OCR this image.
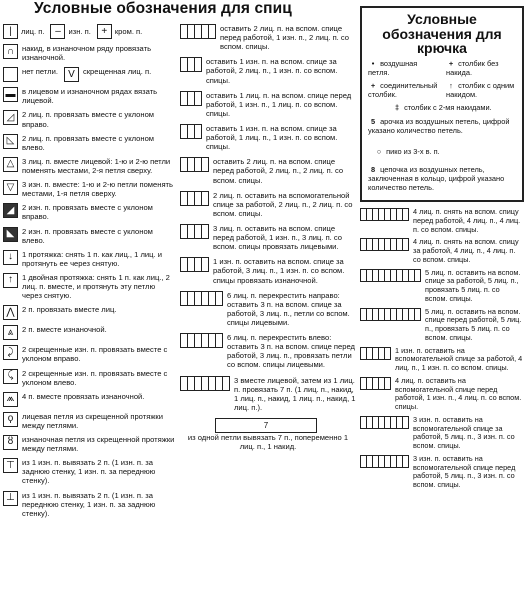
Условные обозначения для спиц
|	лиц. п.	–	изн. п.	+ кром. п.
∩	накид, в изнаночном ряду провязать изнаночной.
нет петли.	V	скрещенная лиц. п.
▬ в лицевом и изнаночном рядах вязать лицевой.
◿	2 лиц. п. провязать вместе с уклоном вправо.
◺	2 лиц. п. провязать вместе с уклоном влево.
△	3 лиц. п. вместе лицевой: 1-ю и 2-ю петли поменять местами, 2-я петля сверху.
▽	3 изн. п. вместе: 1-ю и 2-ю петли поменять местами, 1-я петля сверху.
◢	2 изн. п. провязать вместе с уклоном вправо.
◣	2 изн. п. провязать вместе с уклоном влево.
↓	1 протяжка: снять 1 п. как лиц., 1 лиц. и протянуть ее через снятую.
↑	1 двойная протяжка: снять 1 п. как лиц., 2 лиц. п. вместе, и протянуть эту петлю через снятую.
⋀ 2 п. провязать вместе лиц.
⩓	2 п. вместе изнаночной.
⤸	2 скрещенные изн. п. провязать вместе с уклоном вправо.
⤹	2 скрещенные изн. п. провязать вместе с уклоном влево.
⩕ 4 п. вместе провязать изнаночной.
ϙ	лицевая петля из скрещенной протяжки между петлями.
ȣ	изнаночная петля из скрещенной протяжки между петлями.
⊤ из 1 изн. п. вывязать 2 п. (1 изн. п. за заднюю стенку, 1 изн. п. за переднюю стенку).
⊥ из 1 изн. п. вывязать 2 п. (1 изн. п. за переднюю стенку, 1 изн. п. за заднюю стенку).
оставить 2 лиц. п. на вспом. спице перед работой, 1 изн. п., 2 лиц. п. со вспом. спицы.
оставить 1 изн. п. на вспом. спице за работой, 2 лиц. п., 1 изн. п. со вспом. спицы.
оставить 1 лиц. п. на вспом. спице перед работой, 1 изн. п., 1 лиц. п. со вспом. спицы.
оставить 1 изн. п. на вспом. спице за работой, 1 лиц. п., 1 изн. п. со вспом. спицы.
оставить 2 лиц. п. на вспом. спице перед работой, 2 лиц. п., 2 лиц. п. со вспом. спицы.
2 лиц. п. оставить на вспомогательной спице за работой, 2 лиц. п., 2 лиц. п. со вспом. спицы.
3 лиц. п. оставить на вспом. спице перед работой, 1 изн. п., 3 лиц. п. со вспом. спицы провязать лицевыми.
1 изн. п. оставить на вспом. спице за работой, 3 лиц. п., 1 изн. п. со вспом. спицы провязать изнаночной.
6 лиц. п. перекрестить направо: оставить 3 п. на вспом. спице за работой, 3 лиц. п., петли со вспом. спицы лицевыми.
6 лиц. п. перекрестить влево: оставить 3 п. на вспом. спице перед работой, 3 лиц. п., провязать петли со вспом. спицы лицевыми.
3 вместе лицевой, затем из 1 лиц. п. провязать 7 п. (1 лиц. п., накид, 1 лиц. п., накид, 1 лиц. п., накид, 1 лиц. п.).
7
из одной петли вывязать 7 п., попеременно 1 лиц. п., 1 накид.
Условные обозначения для крючка
• воздушная петля.
+ столбик без накида.
+ соединительный столбик.
↑ столбик с одним накидом.
‡ столбик с 2-мя накидами.
5 арочка из воздушных петель, цифрой указано количество петель.
○ пико из 3-х в. п.
8 цепочка из воздушных петель, заключенная в кольцо, цифрой указано количество петель.
4 лиц. п. снять на вспом. спицу перед работой, 4 лиц. п., 4 лиц. п. со вспом. спицы.
4 лиц. п. снять на вспом. спицу за работой, 4 лиц. п., 4 лиц. п. со вспом. спицы.
5 лиц. п. оставить на вспом. спице за работой, 5 лиц. п., провязать 5 лиц. п. со вспом. спицы.
5 лиц. п. оставить на вспом. спице перед работой, 5 лиц. п., провязать 5 лиц. п. со вспом. спицы.
1 изн. п. оставить на вспомогательной спице за работой, 4 лиц. п., 1 изн. п. со вспом. спицы.
4 лиц. п. оставить на вспомогательной спице перед работой, 1 изн. п., 4 лиц. п. со вспом. спицы.
3 изн. п. оставить на вспомогательной спице за работой, 5 лиц. п., 3 изн. п. со вспом. спицы.
3 изн. п. оставить на вспомогательной спице перед работой, 5 лиц. п., 3 изн. п. со вспом. спицы.
